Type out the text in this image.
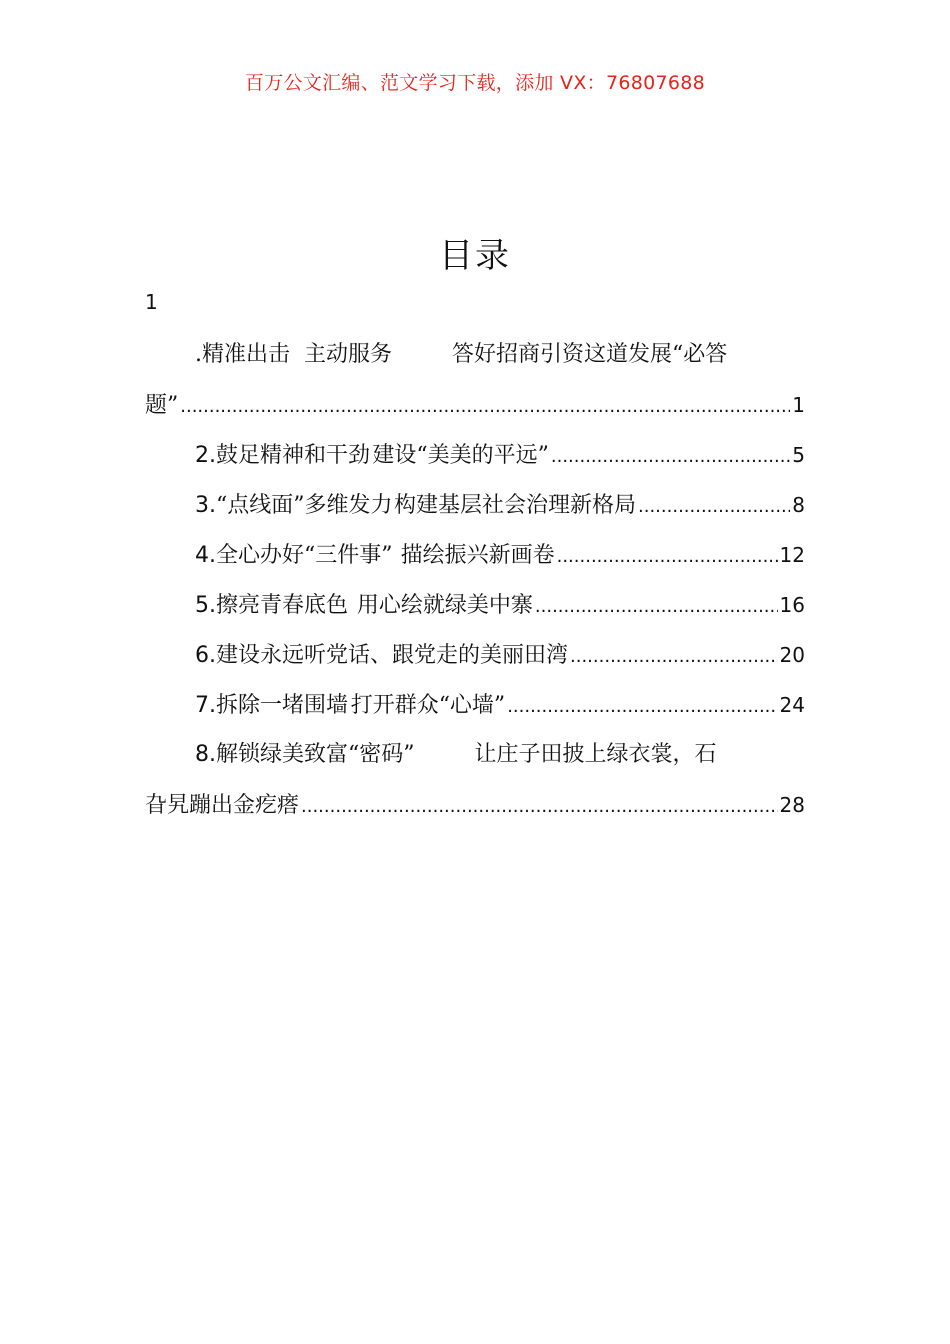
百万公文汇编、范文学习下载，添加 VX：76807688
目录
1
.精准出击 主动服务	答好招商引资这道发展“必答
题” .....	1
2. 鼓足精神和干劲 建设“美美的平远” .....	5
3. “点线面”多维发力 构建基层社会治理新格局 .....	8
4. 全心办好“三件事” 描绘振兴新画卷 .....	12
5. 擦亮青春底色 用心绘就绿美中寨 .....	16
6. 建设永远听党话、跟党走的美丽田湾 .....	20
7. 拆除一堵围墙 打开群众“心墙” .....	24
8. 解锁绿美致富“密码”	让庄子田披上绿衣裳，石
旮旯蹦出金疙瘩 .....	28
